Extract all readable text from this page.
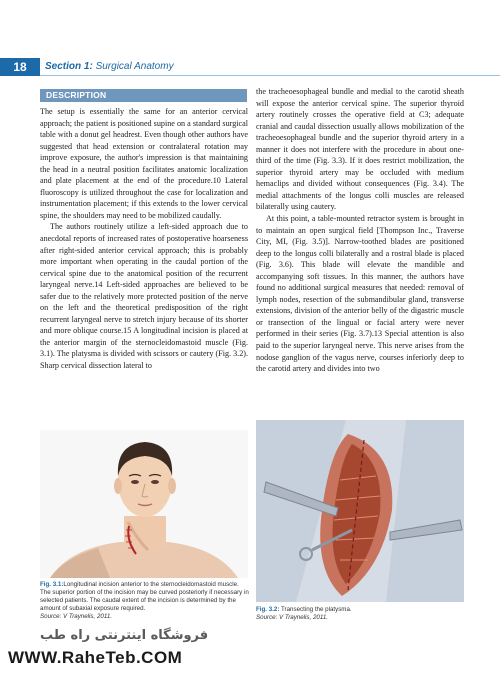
18	Section 1: Surgical Anatomy
DESCRIPTION

The setup is essentially the same for an anterior cervical approach; the patient is positioned supine on a standard surgical table with a donut gel headrest. Even though other authors have suggested that head extension or contralateral rotation may improve exposure, the author's impression is that maintaining the head in a neutral position facilitates anatomic localization and plate placement at the end of the procedure.10 Lateral fluoroscopy is utilized throughout the case for localization and instrumentation placement; if this extends to the lower cervical spine, the shoulders may need to be mobilized caudally.

The authors routinely utilize a left-sided approach due to anecdotal reports of increased rates of postoperative hoarseness after right-sided anterior cervical approach; this is probably more important when operating in the caudal portion of the cervical spine due to the anatomical position of the recurrent laryngeal nerve.14 Left-sided approaches are believed to be safer due to the relatively more protected position of the nerve on the left and the theoretical predisposition of the right recurrent laryngeal nerve to stretch injury because of its shorter and more oblique course.15 A longitudinal incision is placed at the anterior margin of the sternocleidomastoid muscle (Fig. 3.1). The platysma is divided with scissors or cautery (Fig. 3.2). Sharp cervical dissection lateral to

the tracheoesophageal bundle and medial to the carotid sheath will expose the anterior cervical spine. The superior thyroid artery routinely crosses the operative field at C3; adequate cranial and caudal dissection usually allows mobilization of the tracheoesophageal bundle and the superior thyroid artery in a manner it does not interfere with the procedure in about one-third of the time (Fig. 3.3). If it does restrict mobilization, the superior thyroid artery may be occluded with medium hemaclips and divided without consequences (Fig. 3.4). The medial attachments of the longus colli muscles are released bilaterally using cautery.

At this point, a table-mounted retractor system is brought in to maintain an open surgical field [Thompson Inc., Traverse City, MI, (Fig. 3.5)]. Narrow-toothed blades are positioned deep to the longus colli bilaterally and a rostral blade is placed (Fig. 3.6). This blade will elevate the mandible and accompanying soft tissues. In this manner, the authors have found no additional surgical measures that needed: removal of lymph nodes, resection of the submandibular gland, transverse extensions, division of the anterior belly of the digastric muscle or transection of the lingual or facial artery were never performed in their series (Fig. 3.7).13 Special attention is also paid to the superior laryngeal nerve. This nerve arises from the nodose ganglion of the vagus nerve, courses inferiorly deep to the carotid artery and divides into two

Fig. 3.1:Longitudinal incision anterior to the sternocleidomastoid muscle. The superior portion of the incision may be curved posteriorly if necessary in selected patients. The caudal extent of the incision is determined by the amount of subaxial exposure required.
Source: V Traynelis, 2011.
Fig. 3.2: Transecting the platysma.
Source: V Traynelis, 2011.
فروشگاه اینترنتی راه طب
WWW.RaheTeb.COM
